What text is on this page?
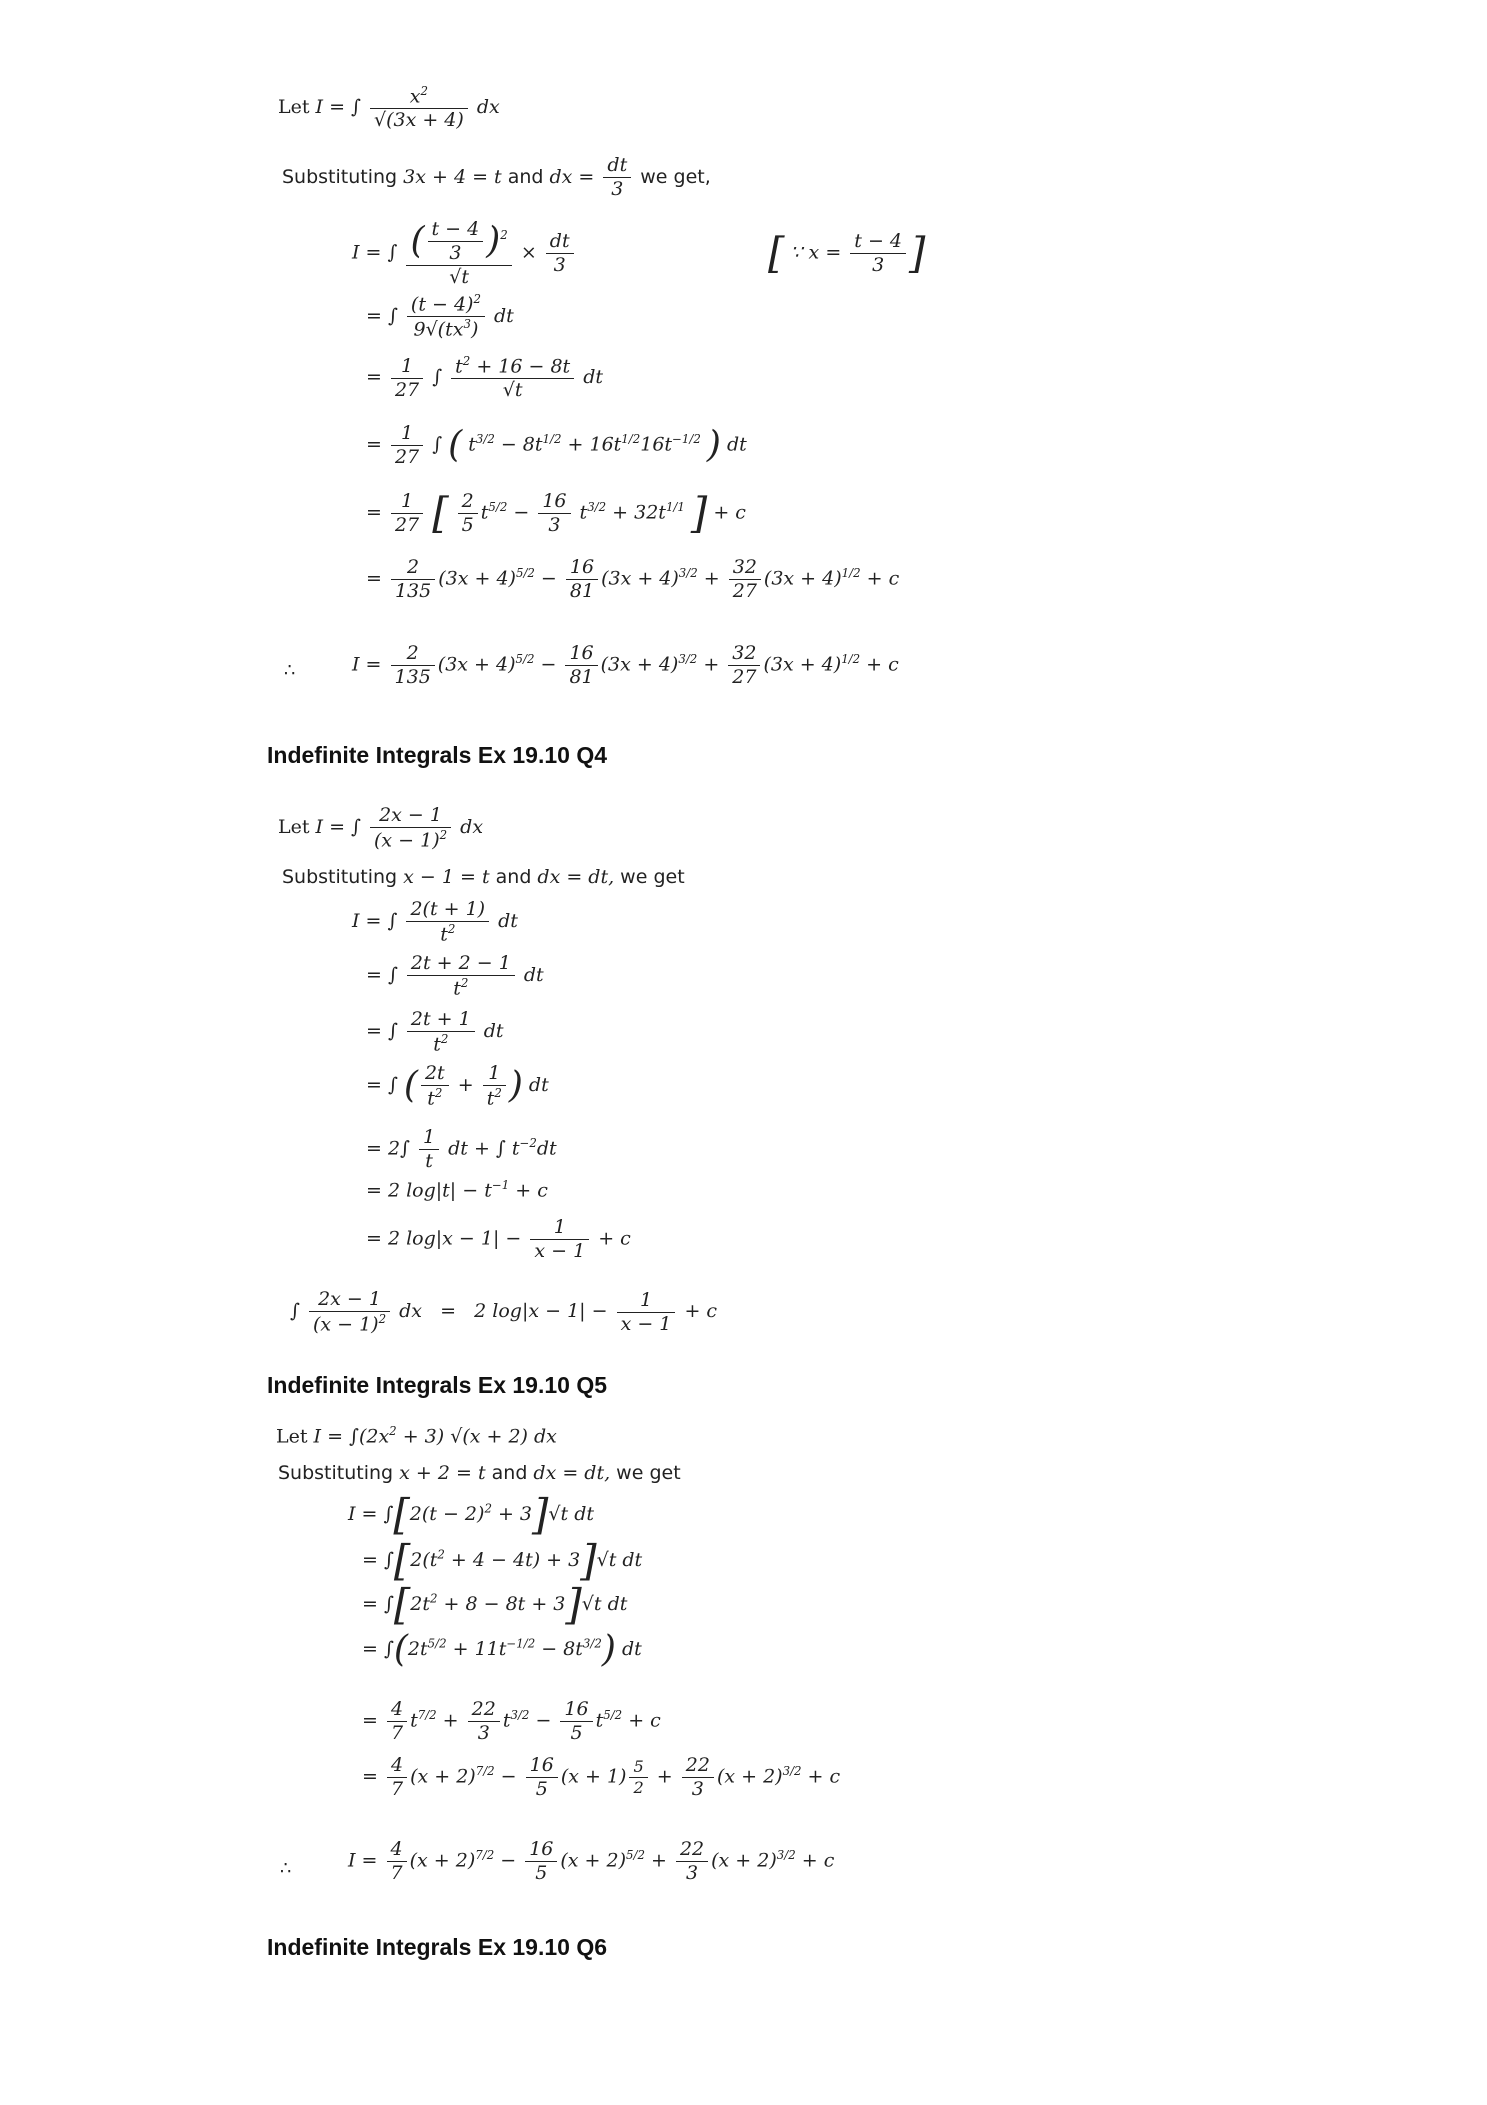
Let I = ∫ $\frac{x^2}{√(3x + 4)}$ dx
Substituting 3x + 4 = t and dx = $\frac{dt}{3}$ we get,
I = ∫ $\frac{( \frac{t - 4}{3} )^2}{√t} \times \frac{dt}{3}$	[ ∵ $x = \frac{t - 4}{3}$ ]
= ∫ $\frac{(t - 4)^2}{9√(tx^3)}$ dt
= $\frac{1}{27}$ ∫ $\frac{t^2 + 16 - 8t}{√t}$ dt
= $\frac{1}{27}$ ∫ ( $t^{3/2} - 8t^{1/2} + 16t^{1/2}16t^{-1/2}$ ) dt
= $\frac{1}{27}$ [ $\frac{2}{5} t^{5/2} - \frac{16}{3} t^{3/2} + 32t^{1/1}$ ] + c
= $\frac{2}{135} (3x + 4)^{5/2} - \frac{16}{81} (3x + 4)^{3/2} + \frac{32}{27} (3x + 4)^{1/2} + c$
∴	$I = \frac{2}{135} (3x + 4)^{5/2} - \frac{16}{81} (3x + 4)^{3/2} + \frac{32}{27} (3x + 4)^{1/2} + c$
Indefinite Integrals Ex 19.10 Q4
Let I = ∫ $\frac{2x - 1}{(x - 1)^2}$ dx
Substituting x − 1 = t and dx = dt, we get
I = ∫ $\frac{2(t + 1)}{t^2}$ dt
= ∫ $\frac{2t + 2 - 1}{t^2}$ dt
= ∫ $\frac{2t + 1}{t^2}$ dt
= ∫ ( $\frac{2t}{t^2} + \frac{1}{t^2}$ ) dt
= $2\int \frac{1}{t}$ dt + ∫ $t^{-2}dt$
= 2 $\log|t| - t^{-1} + c$
= 2 $\log|x - 1| - \frac{1}{x - 1} + c$
∫ $\frac{2x - 1}{(x - 1)^2}$ dx   =   2 $\log|x - 1| - \frac{1}{x - 1} + c$
Indefinite Integrals Ex 19.10 Q5
Let $I = \int(2x^2 + 3) √(x + 2)$ dx
Substituting x + 2 = t and dx = dt, we get
$I = \int[2(t - 2)^2 + 3]√t$ dt
= $\int[2(t^2 + 4 - 4t) + 3]√t$ dt
= $\int[2t^2 + 8 - 8t + 3]√t$ dt
= $\int(2t^{5/2} + 11t^{-1/2} - 8t^{3/2})$ dt
= $\frac{4}{7} t^{7/2} + \frac{22}{3} t^{3/2} - \frac{16}{5} t^{5/2} + c$
= $\frac{4}{7} (x + 2)^{7/2} - \frac{16}{5} (x + 1) \frac{5}{2} + \frac{22}{3} (x + 2)^{3/2} + c$
∴	$I = \frac{4}{7} (x + 2)^{7/2} - \frac{16}{5} (x + 2)^{5/2} + \frac{22}{3} (x + 2)^{3/2} + c$
Indefinite Integrals Ex 19.10 Q6
